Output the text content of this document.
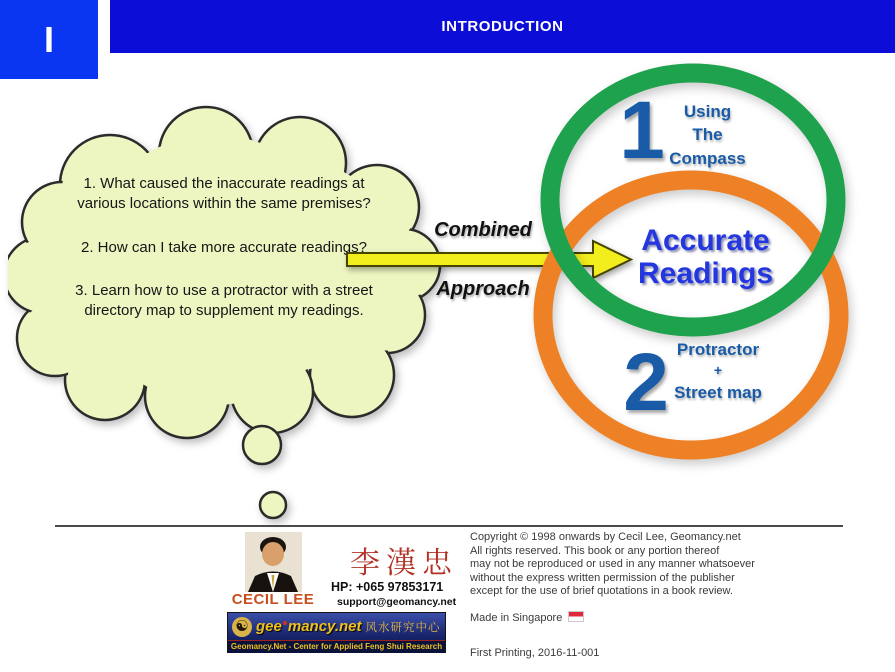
I	INTRODUCTION
1. What caused the inaccurate readings at various locations within the same premises?
2. How can I take more accurate readings?
3. Learn how to use a protractor with a street directory map to supplement my readings.
Combined
Approach
1	Using
The
Compass
Accurate
Readings
2 Protractor
+
Street map
CECIL LEE
李漢忠
HP: +065 97853171
support@geomancy.net
☯ gee mancy.net 风水研究中心
Geomancy.Net - Center for Applied Feng Shui Research
Copyright © 1998 onwards by Cecil Lee, Geomancy.net
All rights reserved. This book or any portion thereof
may not be reproduced or used in any manner whatsoever
without the express written permission of the publisher
except for the use of brief quotations in a book review.
Made in Singapore
First Printing, 2016-11-001
